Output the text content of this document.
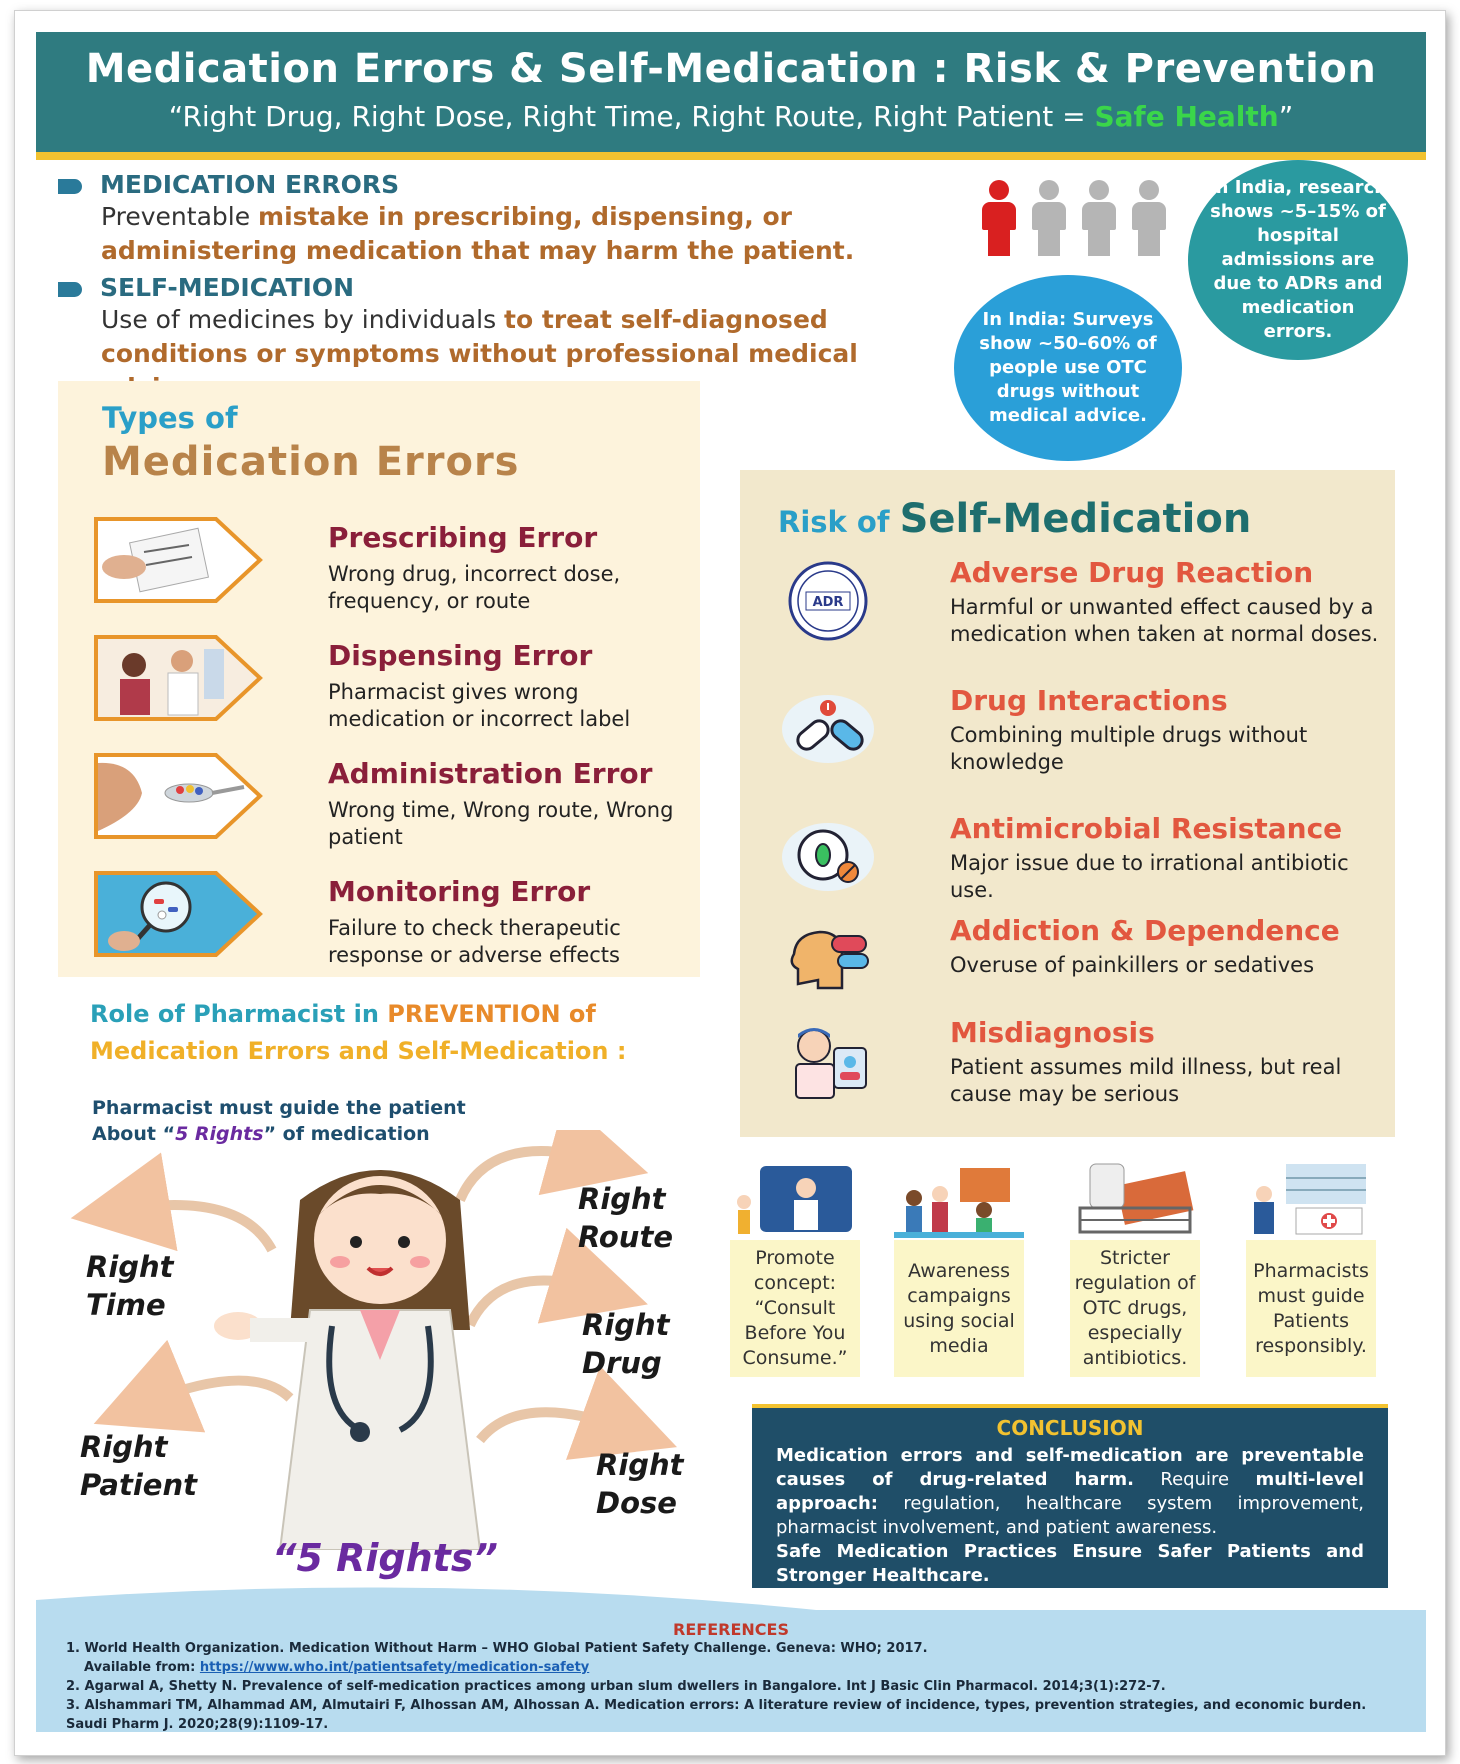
Medication Errors & Self-Medication : Risk & Prevention
“Right Drug, Right Dose, Right Time, Right Route, Right Patient = Safe Health”
MEDICATION ERRORS
Preventable mistake in prescribing, dispensing, or administering medication that may harm the patient.
SELF-MEDICATION
Use of medicines by individuals to treat self-diagnosed conditions or symptoms without professional medical

In India, research shows ~5–15% of hospital admissions are due to ADRs and medication errors.
In India: Surveys show ~50–60% of people use OTC drugs without medical advice.
Types of
Medication Errors
Prescribing Error
Wrong drug, incorrect dose, frequency, or route
Dispensing Error
Pharmacist gives wrong medication or incorrect label
Administration Error
Wrong time, Wrong route, Wrong patient
Monitoring Error
Failure to check therapeutic response or adverse effects
Risk of Self-Medication
ADR
Adverse Drug Reaction
Harmful or unwanted effect caused by a medication when taken at normal doses.
Drug Interactions
Combining multiple drugs without knowledge
Antimicrobial Resistance
Major issue due to irrational antibiotic use.
Addiction & Dependence
Overuse of painkillers or sedatives
Misdiagnosis
Patient assumes mild illness, but real cause may be serious
Role of Pharmacist in PREVENTION of
Medication Errors and Self-Medication :
Pharmacist must guide the patient
About “5 Rights” of medication
Right
Time
Right
Patient
Right
Route
Right
Drug
Right
Dose
“5 Rights”
Promote concept: “Consult Before You Consume.”
Awareness campaigns using social media
Stricter regulation of OTC drugs, especially antibiotics.
Pharmacists must guide Patients responsibly.
CONCLUSION
Medication errors and self-medication are preventable causes of drug-related harm. Require multi-level approach: regulation, healthcare system improvement, pharmacist involvement, and patient awareness.
Safe Medication Practices Ensure Safer Patients and Stronger Healthcare.
REFERENCES
1. World Health Organization. Medication Without Harm – WHO Global Patient Safety Challenge. Geneva: WHO; 2017.
Available from: https://www.who.int/patientsafety/medication-safety
2. Agarwal A, Shetty N. Prevalence of self-medication practices among urban slum dwellers in Bangalore. Int J Basic Clin Pharmacol. 2014;3(1):272-7.
3. Alshammari TM, Alhammad AM, Almutairi F, Alhossan AM, Alhossan A. Medication errors: A literature review of incidence, types, prevention strategies, and economic burden. Saudi Pharm J. 2020;28(9):1109-17.
